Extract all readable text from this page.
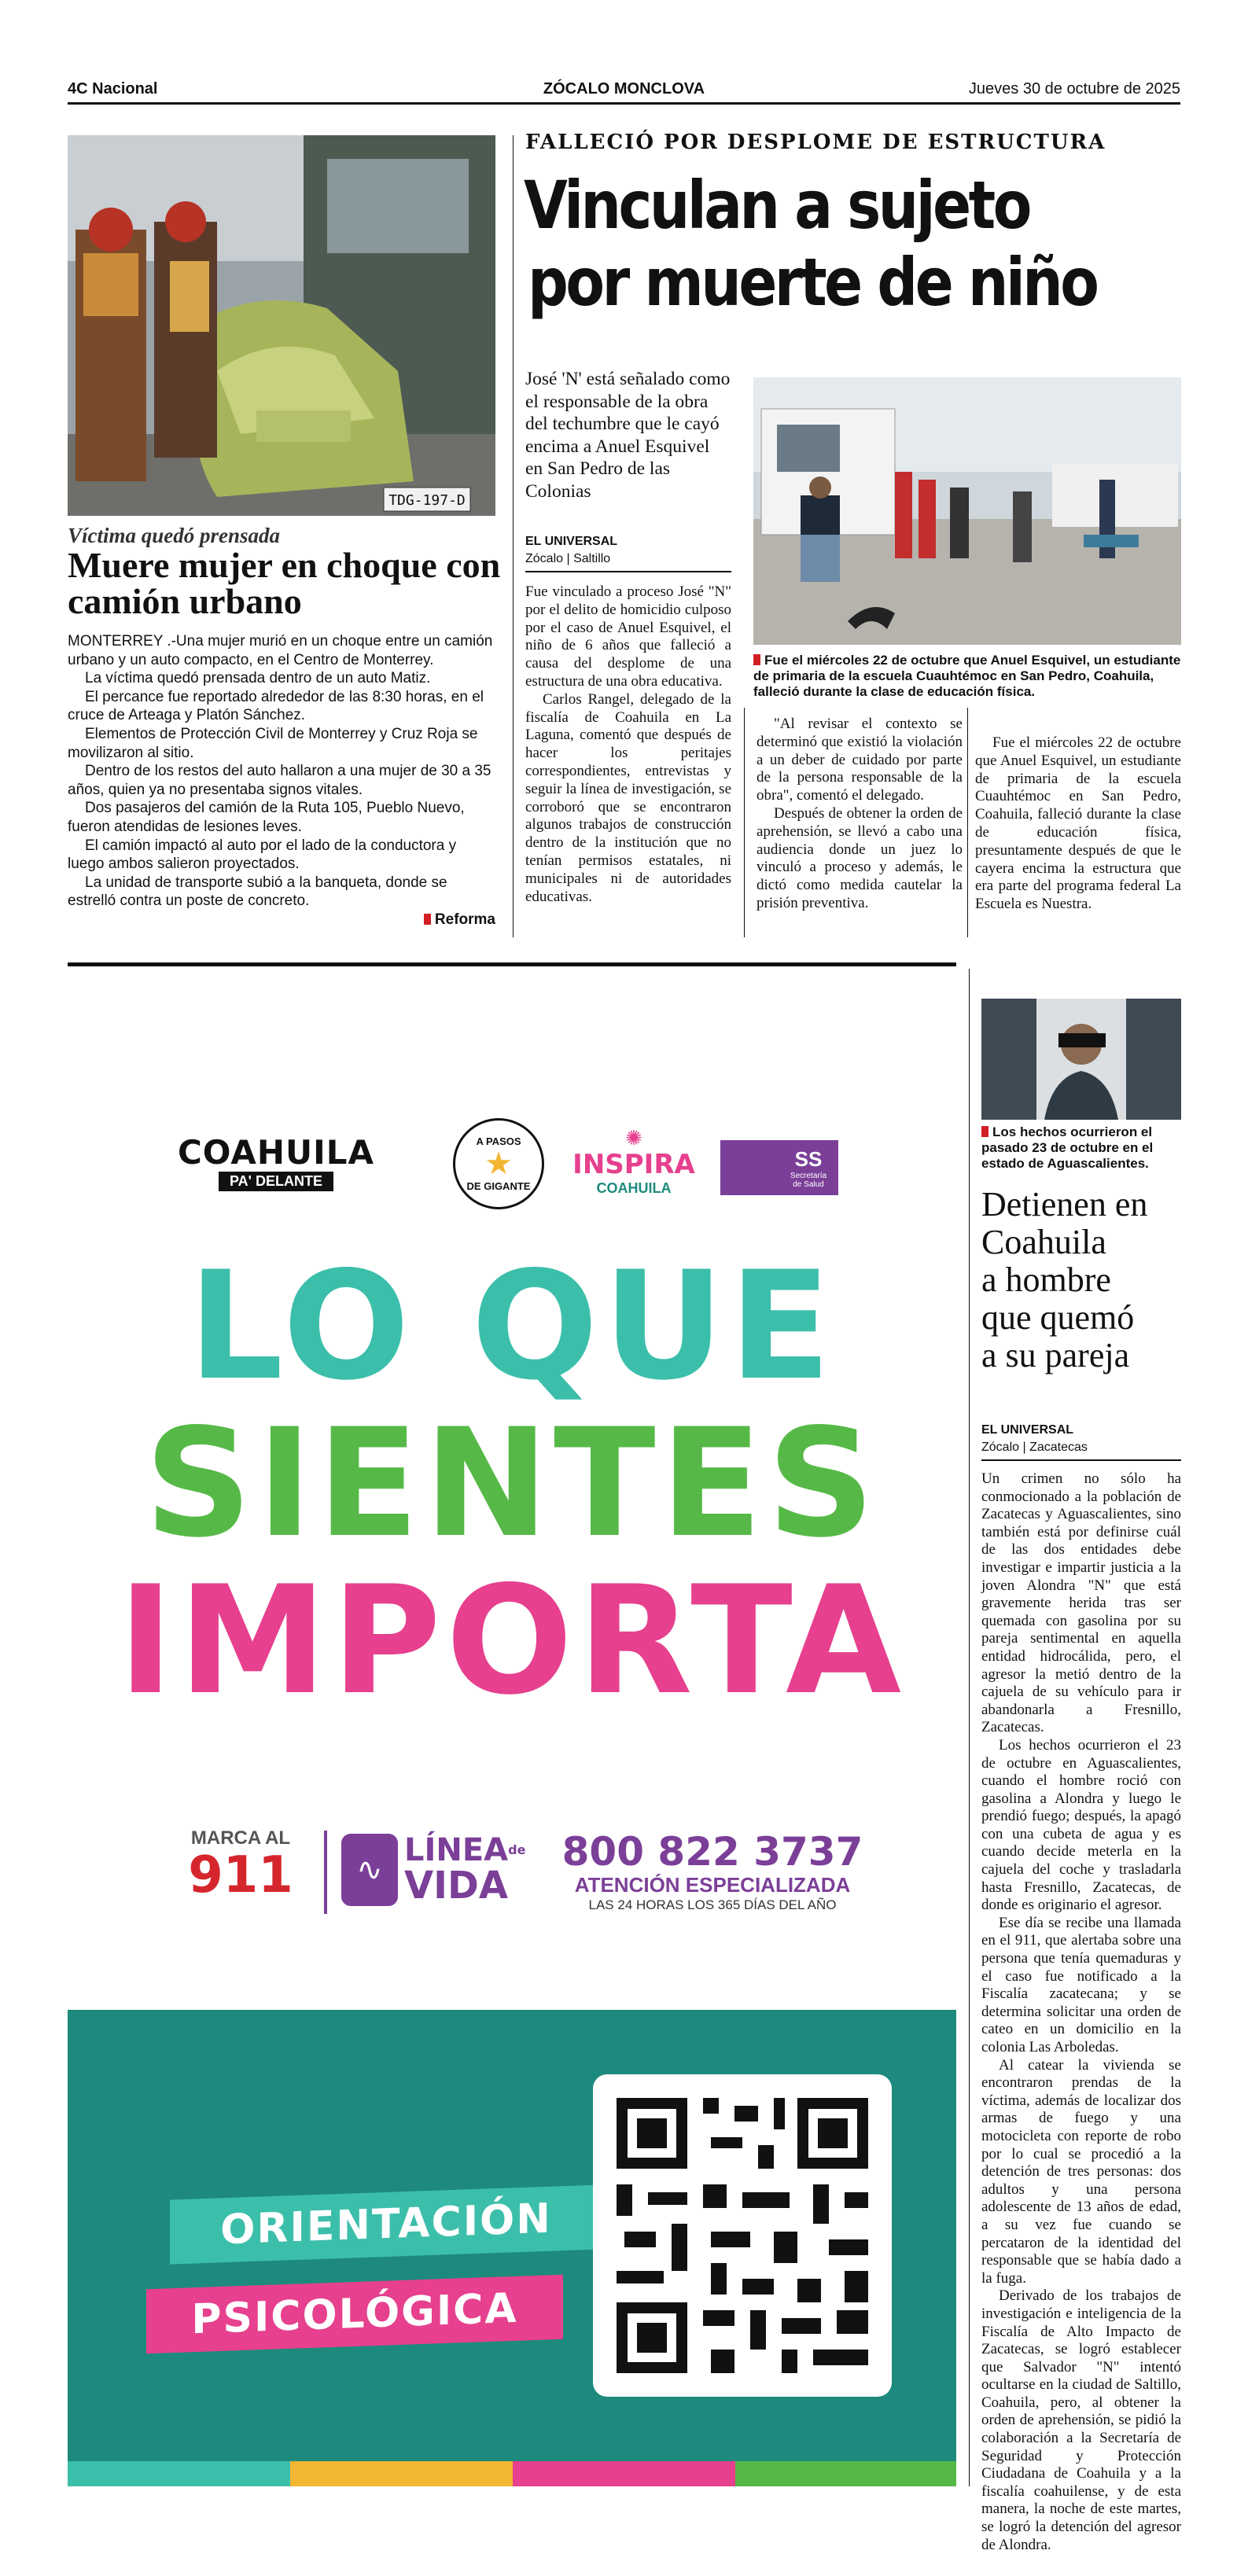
4C Nacional	ZÓCALO MONCLOVA	Jueves 30 de octubre de 2025
TDG-197-D
Víctima quedó prensada
Muere mujer en choque con camión urbano
MONTERREY .-Una mujer murió en un choque entre un camión urbano y un auto compacto, en el Centro de Monterrey.
La víctima quedó prensada dentro de un auto Matiz.
El percance fue reportado alrededor de las 8:30 horas, en el cruce de Arteaga y Platón Sánchez.
Elementos de Protección Civil de Monterrey y Cruz Roja se movilizaron al sitio.
Dentro de los restos del auto hallaron a una mujer de 30 a 35 años, quien ya no presentaba signos vitales.
Dos pasajeros del camión de la Ruta 105, Pueblo Nuevo, fueron atendidas de lesiones leves.
El camión impactó al auto por el lado de la conductora y luego ambos salieron proyectados.
La unidad de transporte subió a la banqueta, donde se estrelló contra un poste de concreto.
Reforma
FALLECIÓ POR DESPLOME DE ESTRUCTURA
Vinculan a sujeto
por muerte de niño
José 'N' está señalado como el responsable de la obra del techumbre que le cayó encima a Anuel Esquivel en San Pedro de las Colonias
EL UNIVERSAL
Zócalo | Saltillo
Fue el miércoles 22 de octubre que Anuel Esquivel, un estudiante de primaria de la escuela Cuauhtémoc en San Pedro, Coahuila, falleció durante la clase de educación física.

Fue vinculado a proceso José "N" por el delito de homicidio culposo por el caso de Anuel Esquivel, el niño de 6 años que falleció a causa del desplome de una estructura de una obra educativa.

Carlos Rangel, delegado de la fiscalía de Coahuila en La Laguna, comentó que después de hacer los peritajes correspondientes, entrevistas y seguir la línea de investigación, se corroboró que se encontraron algunos trabajos de construcción dentro de la institución que no tenían permisos estatales, ni municipales ni de autoridades educativas.

"Al revisar el contexto se determinó que existió la violación a un deber de cuidado por parte de la persona responsable de la obra", comentó el delegado.

Después de obtener la orden de aprehensión, se llevó a cabo una audiencia donde un juez lo vinculó a proceso y además, le dictó como medida cautelar la prisión preventiva.

Fue el miércoles 22 de octubre que Anuel Esquivel, un estudiante de primaria de la escuela Cuauhtémoc en San Pedro, Coahuila, falleció durante la clase de educación física, presuntamente después de que le cayera encima la estructura que era parte del programa federal La Escuela es Nuestra.

COAHUILA
PA' DELANTE
A PASOS
★
DE GIGANTE
✺
INSPIRA
COAHUILA
SS
Secretaría de Salud
LO QUE
SIENTES
IMPORTA
MARCA AL
911	∿
$LÍNEA^{de}$
VIDA
800 822 3737
ATENCIÓN ESPECIALIZADA
LAS 24 HORAS LOS 365 DÍAS DEL AÑO
ORIENTACIÓN
PSICOLÓGICA
Los hechos ocurrieron el pasado 23 de octubre en el estado de Aguascalientes.
Detienen en
Coahuila
a hombre
que quemó
a su pareja
EL UNIVERSAL
Zócalo | Zacatecas
Un crimen no sólo ha conmocionado a la población de Zacatecas y Aguascalientes, sino también está por definirse cuál de las dos entidades debe investigar e impartir justicia a la joven Alondra "N" que está gravemente herida tras ser quemada con gasolina por su pareja sentimental en aquella entidad hidrocálida, pero, el agresor la metió dentro de la cajuela de su vehículo para ir abandonarla a Fresnillo, Zacatecas.
Los hechos ocurrieron el 23 de octubre en Aguascalientes, cuando el hombre roció con gasolina a Alondra y luego le prendió fuego; después, la apagó con una cubeta de agua y es cuando decide meterla en la cajuela del coche y trasladarla hasta Fresnillo, Zacatecas, de donde es originario el agresor.
Ese día se recibe una llamada en el 911, que alertaba sobre una persona que tenía quemaduras y el caso fue notificado a la Fiscalía zacatecana; y se determina solicitar una orden de cateo en un domicilio en la colonia Las Arboledas.
Al catear la vivienda se encontraron prendas de la víctima, además de localizar dos armas de fuego y una motocicleta con reporte de robo por lo cual se procedió a la detención de tres personas: dos adultos y una persona adolescente de 13 años de edad, a su vez fue cuando se percataron de la identidad del responsable que se había dado a la fuga.
Derivado de los trabajos de investigación e inteligencia de la Fiscalía de Alto Impacto de Zacatecas, se logró establecer que Salvador "N" intentó ocultarse en la ciudad de Saltillo, Coahuila, pero, al obtener la orden de aprehensión, se pidió la colaboración a la Secretaría de Seguridad y Protección Ciudadana de Coahuila y a la fiscalía coahuilense, y de esta manera, la noche de este martes, se logró la detención del agresor de Alondra.
